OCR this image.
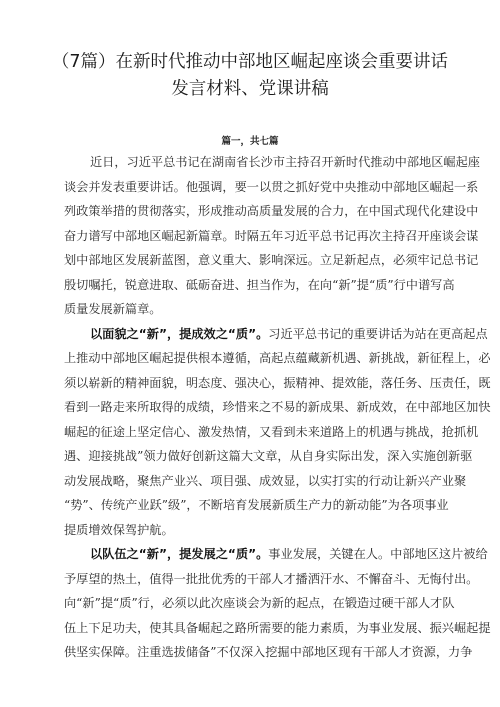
（7篇）在新时代推动中部地区崛起座谈会重要讲话
发言材料、党课讲稿
篇一，共七篇
近日，习近平总书记在湖南省长沙市主持召开新时代推动中部地区崛起座
谈会并发表重要讲话。他强调，要一以贯之抓好党中央推动中部地区崛起一系
列政策举措的贯彻落实，形成推动高质量发展的合力，在中国式现代化建设中
奋力谱写中部地区崛起新篇章。时隔五年习近平总书记再次主持召开座谈会谋
划中部地区发展新蓝图，意义重大、影响深远。立足新起点，必须牢记总书记
殷切嘱托，锐意进取、砥砺奋进、担当作为，在向“新”提“质”行中谱写高
质量发展新篇章。
以面貌之“新”，提成效之“质”。习近平总书记的重要讲话为站在更高起点
上推动中部地区崛起提供根本遵循，高起点蕴藏新机遇、新挑战，新征程上，必
须以崭新的精神面貌，明态度、强决心，振精神、提效能，落任务、压责任，既
看到一路走来所取得的成绩，珍惜来之不易的新成果、新成效，在中部地区加快
崛起的征途上坚定信心、激发热情，又看到未来道路上的机遇与挑战，抢抓机
遇、迎接挑战”领力做好创新这篇大文章，从自身实际出发，深入实施创新驱
动发展战略，聚焦产业兴、项目强、成效显，以实打实的行动让新兴产业聚
“势”、传统产业跃”级”，不断培育发展新质生产力的新动能”为各项事业
提质增效保驾护航。
以队伍之“新”，提发展之“质”。事业发展，关键在人。中部地区这片被给
予厚望的热土，值得一批批优秀的干部人才播洒汗水、不懈奋斗、无悔付出。
向“新”提“质”行，必须以此次座谈会为新的起点，在锻造过硬干部人才队
伍上下足功夫，使其具备崛起之路所需要的能力素质，为事业发展、振兴崛起提
供坚实保障。注重选拔储备”不仅深入挖掘中部地区现有干部人才资源，力争
